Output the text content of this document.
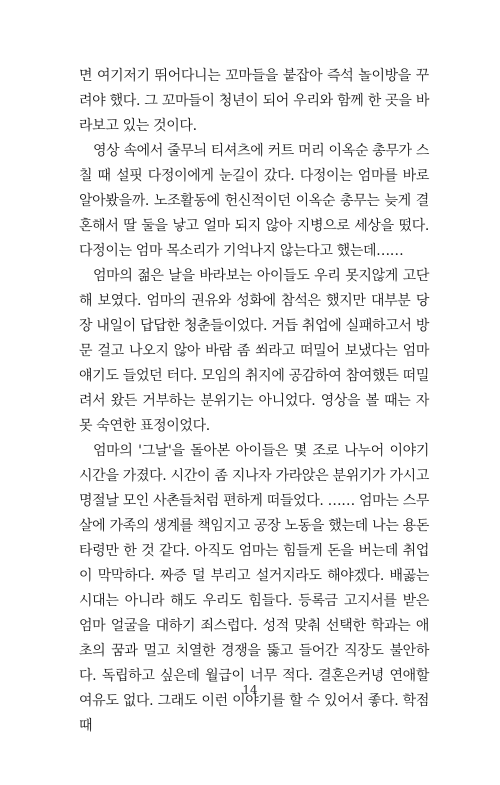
면 여기저기 뛰어다니는 꼬마들을 붙잡아 즉석 놀이방을 꾸려야 했다. 그 꼬마들이 청년이 되어 우리와 함께 한 곳을 바라보고 있는 것이다.

영상 속에서 줄무늬 티셔츠에 커트 머리 이옥순 총무가 스칠 때 설핏 다정이에게 눈길이 갔다. 다정이는 엄마를 바로 알아봤을까. 노조활동에 헌신적이던 이옥순 총무는 늦게 결혼해서 딸 둘을 낳고 얼마 되지 않아 지병으로 세상을 떴다. 다정이는 엄마 목소리가 기억나지 않는다고 했는데……

엄마의 젊은 날을 바라보는 아이들도 우리 못지않게 고단해 보였다. 엄마의 권유와 성화에 참석은 했지만 대부분 당장 내일이 답답한 청춘들이었다. 거듭 취업에 실패하고서 방문 걸고 나오지 않아 바람 좀 쐬라고 떠밀어 보냈다는 엄마 얘기도 들었던 터다. 모임의 취지에 공감하여 참여했든 떠밀려서 왔든 거부하는 분위기는 아니었다. 영상을 볼 때는 자못 숙연한 표정이었다.

엄마의 '그날'을 돌아본 아이들은 몇 조로 나누어 이야기 시간을 가졌다. 시간이 좀 지나자 가라앉은 분위기가 가시고 명절날 모인 사촌들처럼 편하게 떠들었다. …… 엄마는 스무 살에 가족의 생계를 책임지고 공장 노동을 했는데 나는 용돈 타령만 한 것 같다. 아직도 엄마는 힘들게 돈을 버는데 취업이 막막하다. 짜증 덜 부리고 설거지라도 해야겠다. 배곯는 시대는 아니라 해도 우리도 힘들다. 등록금 고지서를 받은 엄마 얼굴을 대하기 죄스럽다. 성적 맞춰 선택한 학과는 애초의 꿈과 멀고 치열한 경쟁을 뚫고 들어간 직장도 불안하다. 독립하고 싶은데 월급이 너무 적다. 결혼은커녕 연애할 여유도 없다. 그래도 이런 이야기를 할 수 있어서 좋다. 학점 때

14
